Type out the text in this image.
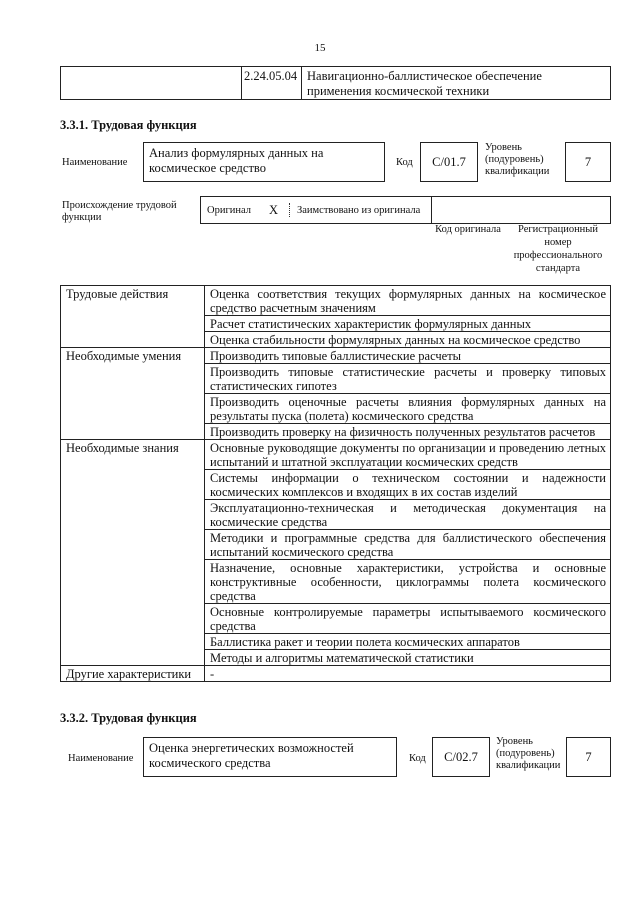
15
2.24.05.04 Навигационно-баллистическое обеспечение применения космической техники
3.3.1. Трудовая функция
Наименование
Анализ формулярных данных на космическое средство	Код	С/01.7
Уровень (подуровень) квалификации
7
Происхождение трудовой функции
Оригинал X Заимствовано из оригинала
Код оригинала	Регистрационный номер профессионального стандарта
Трудовые действия	Оценка соответствия текущих формулярных данных на космическое средство расчетным значениям
	Расчет статистических характеристик формулярных данных
	Оценка стабильности формулярных данных на космическое средство
Необходимые умения	Производить типовые баллистические расчеты
	Производить типовые статистические расчеты и проверку типовых статистических гипотез
	Производить оценочные расчеты влияния формулярных данных на результаты пуска (полета) космического средства
	Производить проверку на физичность полученных результатов расчетов
Необходимые знания	Основные руководящие документы по организации и проведению летных испытаний и штатной эксплуатации космических средств
	Системы информации о техническом состоянии и надежности космических комплексов и входящих в их состав изделий
	Эксплуатационно-техническая и методическая документация на космические средства
	Методики и программные средства для баллистического обеспечения испытаний космического средства
	Назначение, основные характеристики, устройства и основные конструктивные особенности, циклограммы полета космического средства
	Основные контролируемые параметры испытываемого космического средства
	Баллистика ракет и теории полета космических аппаратов
	Методы и алгоритмы математической статистики
Другие характеристики	-
3.3.2. Трудовая функция
Наименование
Оценка энергетических возможностей космического средства	Код	С/02.7
Уровень (подуровень) квалификации
7
